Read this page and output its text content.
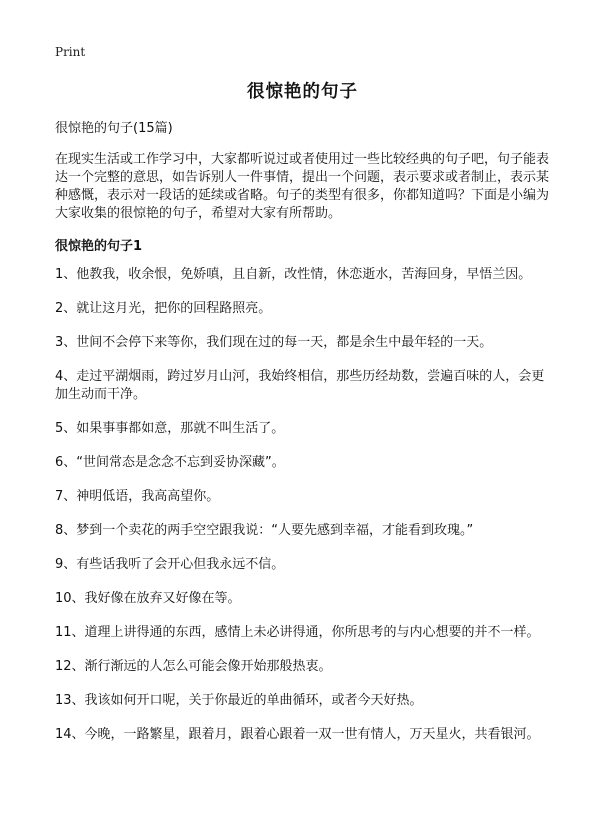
Print
很惊艳的句子
很惊艳的句子(15篇)

在现实生活或工作学习中，大家都听说过或者使用过一些比较经典的句子吧，句子能表达一个完整的意思，如告诉别人一件事情，提出一个问题，表示要求或者制止，表示某种感慨，表示对一段话的延续或省略。句子的类型有很多，你都知道吗？下面是小编为大家收集的很惊艳的句子，希望对大家有所帮助。

很惊艳的句子1
1、他教我，收余恨，免娇嗔，且自新，改性情，休恋逝水，苦海回身，早悟兰因。
2、就让这月光，把你的回程路照亮。
3、世间不会停下来等你，我们现在过的每一天，都是余生中最年轻的一天。
4、走过平湖烟雨，跨过岁月山河，我始终相信，那些历经劫数，尝遍百味的人，会更加生动而干净。
5、如果事事都如意，那就不叫生活了。
6、“世间常态是念念不忘到妥协深藏”。
7、神明低语，我高高望你。
8、梦到一个卖花的两手空空跟我说：“人要先感到幸福，才能看到玫瑰。”
9、有些话我听了会开心但我永远不信。
10、我好像在放弃又好像在等。
11、道理上讲得通的东西，感情上未必讲得通，你所思考的与内心想要的并不一样。
12、渐行渐远的人怎么可能会像开始那般热衷。
13、我该如何开口呢，关于你最近的单曲循环，或者今天好热。
14、今晚，一路繁星，跟着月，跟着心跟着一双一世有情人，万天星火，共看银河。
